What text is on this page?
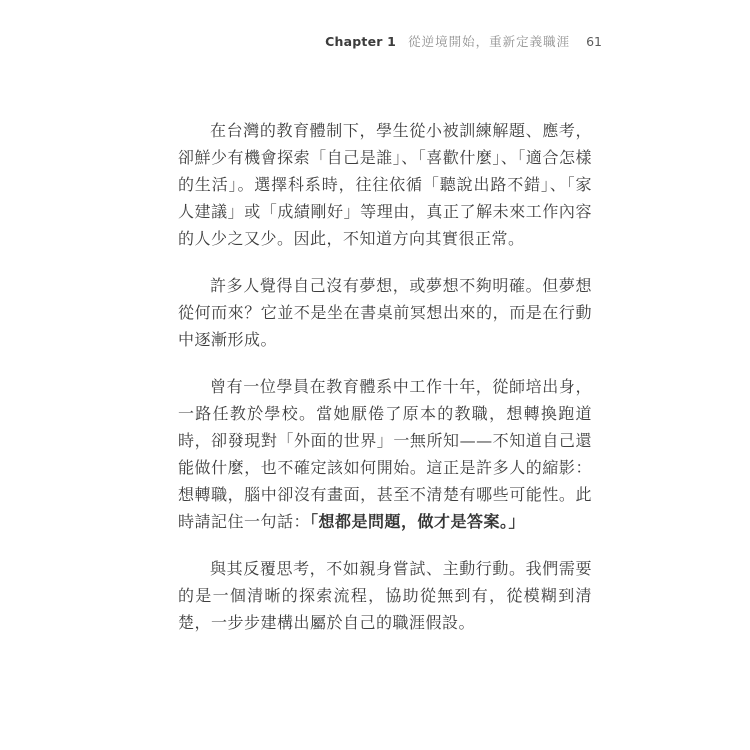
Chapter 1 從逆境開始，重新定義職涯 61

在台灣的教育體制下，學生從小被訓練解題、應考，卻鮮少有機會探索「自己是誰」、「喜歡什麼」、「適合怎樣的生活」。選擇科系時，往往依循「聽說出路不錯」、「家人建議」或「成績剛好」等理由，真正了解未來工作內容的人少之又少。因此，不知道方向其實很正常。

許多人覺得自己沒有夢想，或夢想不夠明確。但夢想從何而來？它並不是坐在書桌前冥想出來的，而是在行動中逐漸形成。

曾有一位學員在教育體系中工作十年，從師培出身，一路任教於學校。當她厭倦了原本的教職，想轉換跑道時，卻發現對「外面的世界」一無所知——不知道自己還能做什麼，也不確定該如何開始。這正是許多人的縮影：想轉職，腦中卻沒有畫面，甚至不清楚有哪些可能性。此時請記住一句話：「想都是問題，做才是答案。」

與其反覆思考，不如親身嘗試、主動行動。我們需要的是一個清晰的探索流程，協助從無到有，從模糊到清楚，一步步建構出屬於自己的職涯假設。
